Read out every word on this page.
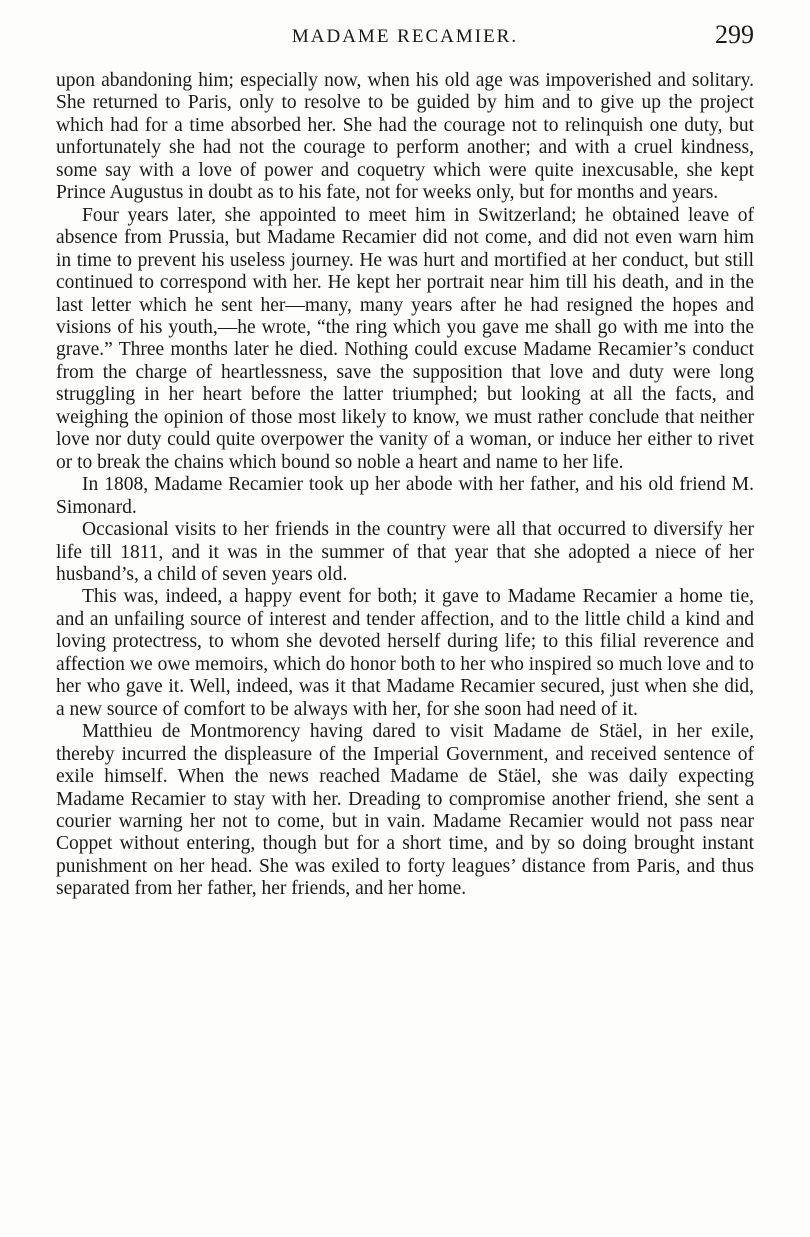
MADAME RECAMIER.	299

upon abandoning him; especially now, when his old age was impoverished and solitary. She returned to Paris, only to resolve to be guided by him and to give up the project which had for a time absorbed her. She had the courage not to relinquish one duty, but unfortunately she had not the courage to perform another; and with a cruel kindness, some say with a love of power and coquetry which were quite inexcusable, she kept Prince Augustus in doubt as to his fate, not for weeks only, but for months and years.

Four years later, she appointed to meet him in Switzerland; he obtained leave of absence from Prussia, but Madame Recamier did not come, and did not even warn him in time to prevent his useless journey. He was hurt and mortified at her conduct, but still continued to correspond with her. He kept her portrait near him till his death, and in the last letter which he sent her—many, many years after he had resigned the hopes and visions of his youth,—he wrote, “the ring which you gave me shall go with me into the grave.” Three months later he died. Nothing could excuse Madame Recamier’s conduct from the charge of heartlessness, save the supposition that love and duty were long struggling in her heart before the latter triumphed; but looking at all the facts, and weighing the opinion of those most likely to know, we must rather conclude that neither love nor duty could quite overpower the vanity of a woman, or induce her either to rivet or to break the chains which bound so noble a heart and name to her life.

In 1808, Madame Recamier took up her abode with her father, and his old friend M. Simonard.

Occasional visits to her friends in the country were all that occurred to diversify her life till 1811, and it was in the summer of that year that she adopted a niece of her husband’s, a child of seven years old.

This was, indeed, a happy event for both; it gave to Madame Recamier a home tie, and an unfailing source of interest and tender affection, and to the little child a kind and loving protectress, to whom she devoted herself during life; to this filial reverence and affection we owe memoirs, which do honor both to her who inspired so much love and to her who gave it. Well, indeed, was it that Madame Recamier secured, just when she did, a new source of comfort to be always with her, for she soon had need of it.

Matthieu de Montmorency having dared to visit Madame de Stäel, in her exile, thereby incurred the displeasure of the Imperial Government, and received sentence of exile himself. When the news reached Madame de Stäel, she was daily expecting Madame Recamier to stay with her. Dreading to compromise another friend, she sent a courier warning her not to come, but in vain. Madame Recamier would not pass near Coppet without entering, though but for a short time, and by so doing brought instant punishment on her head. She was exiled to forty leagues’ distance from Paris, and thus separated from her father, her friends, and her home.
